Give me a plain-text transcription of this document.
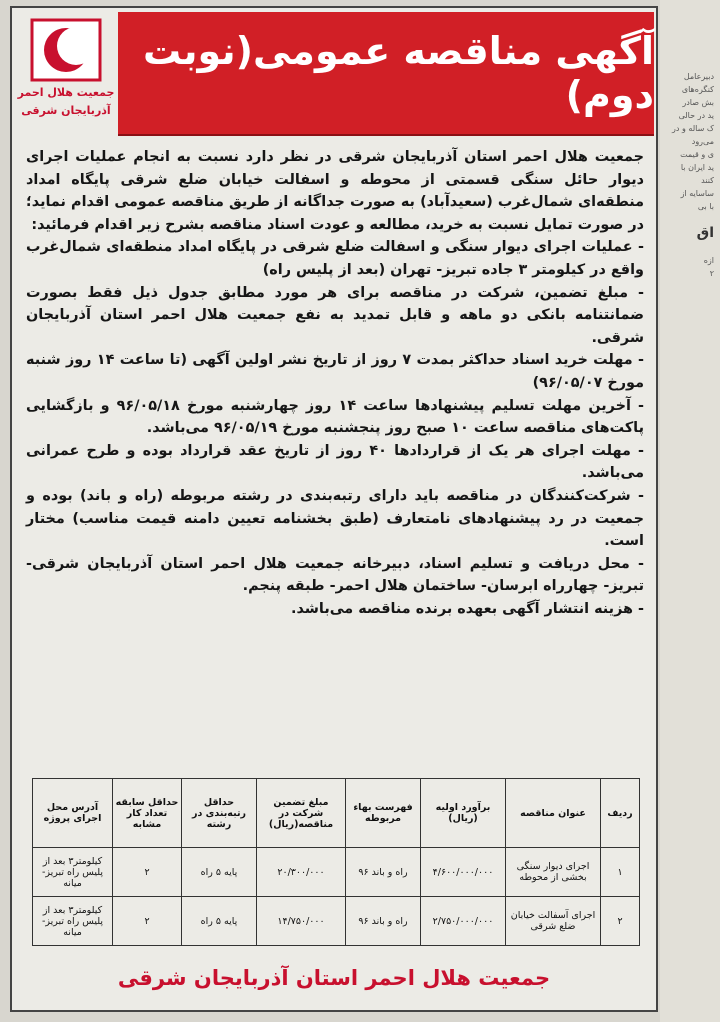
دبیرعامل
کنگره‌های
بش صادر
ید در حالی
ک ساله و در
می‌رود
ی و قیمت
ید ایران با
کنند
ساسایه از
با بی
اق
ازه
۲
جمعیت هلال احمر
آذربایجان شرقی
آگهی مناقصه عمومی(نوبت دوم)

جمعیت هلال احمر استان آذربایجان شرقی در نظر دارد نسبت به انجام عملیات اجرای دیوار حائل سنگی قسمتی از محوطه و اسفالت خیابان ضلع شرقی پایگاه امداد منطقه‌ای شمال‌غرب (سعیدآباد) به صورت جداگانه از طریق مناقصه عمومی اقدام نماید؛ در صورت تمایل نسبت به خرید، مطالعه و عودت اسناد مناقصه بشرح زیر اقدام فرمائید:

- عملیات اجرای دیوار سنگی و اسفالت ضلع شرقی در پایگاه امداد منطقه‌ای شمال‌غرب واقع در کیلومتر ۳ جاده تبریز- تهران (بعد از پلیس راه)

- مبلغ تضمین، شرکت در مناقصه برای هر مورد مطابق جدول ذیل فقط بصورت ضمانتنامه بانکی دو ماهه و قابل تمدید به نفع جمعیت هلال احمر استان آذربایجان شرقی.

- مهلت خرید اسناد حداکثر بمدت ۷ روز از تاریخ نشر اولین آگهی (تا ساعت ۱۴ روز شنبه مورخ ۹۶/۰۵/۰۷)

- آخرین مهلت تسلیم پیشنهادها ساعت ۱۴ روز چهارشنبه مورخ ۹۶/۰۵/۱۸ و بازگشایی پاکت‌های مناقصه ساعت ۱۰ صبح روز پنجشنبه مورخ ۹۶/۰۵/۱۹ می‌باشد.

- مهلت اجرای هر یک از قراردادها ۴۰ روز از تاریخ عقد قرارداد بوده و طرح عمرانی می‌باشد.

- شرکت‌کنندگان در مناقصه باید دارای رتبه‌بندی در رشته مربوطه (راه و باند) بوده و جمعیت در رد پیشنهادهای نامتعارف (طبق بخشنامه تعیین دامنه قیمت مناسب) مختار است.

- محل دریافت و تسلیم اسناد، دبیرخانه جمعیت هلال احمر استان آذربایجان شرقی- تبریز- چهارراه ابرسان- ساختمان هلال احمر- طبقه پنجم.

- هزینه انتشار آگهی بعهده برنده مناقصه می‌باشد.

ردیف	عنوان مناقصه	برآورد اولیه (ریال)	فهرست بهاء مربوطه	مبلغ تضمین شرکت در مناقصه(ریال)	حداقل رتبه‌بندی در رشته	حداقل سابقه تعداد کار مشابه	آدرس محل اجرای پروژه
۱	اجرای دیوار سنگی بخشی از محوطه	۴/۶۰۰/۰۰۰/۰۰۰	راه و باند ۹۶	۲۰/۳۰۰/۰۰۰	پایه ۵ راه	۲	کیلومتر۳ بعد از پلیس راه تبریز- میانه
۲	اجرای آسفالت خیابان ضلع شرقی	۲/۷۵۰/۰۰۰/۰۰۰	راه و باند ۹۶	۱۴/۷۵۰/۰۰۰	پایه ۵ راه	۲	کیلومتر۳ بعد از پلیس راه تبریز- میانه
جمعیت هلال احمر استان آذربایجان شرقی
